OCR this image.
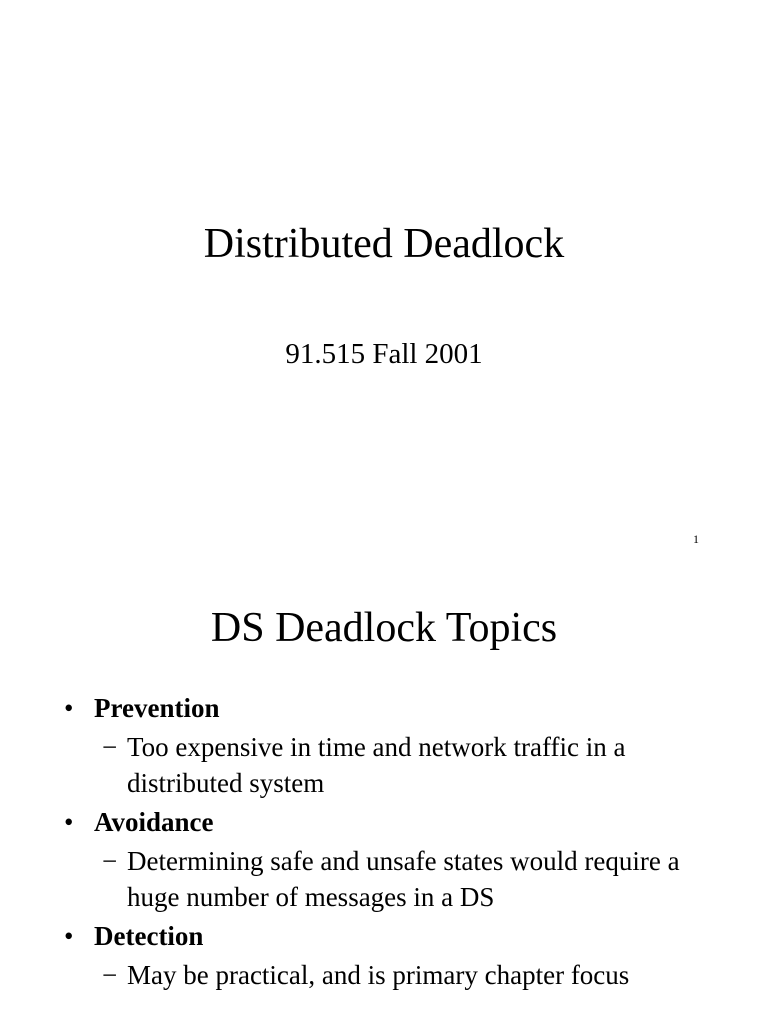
Distributed Deadlock
91.515 Fall 2001
1
DS Deadlock Topics

• Prevention

− Too expensive in time and network traffic in a distributed system

• Avoidance

− Determining safe and unsafe states would require a huge number of messages in a DS

• Detection

− May be practical, and is primary chapter focus
